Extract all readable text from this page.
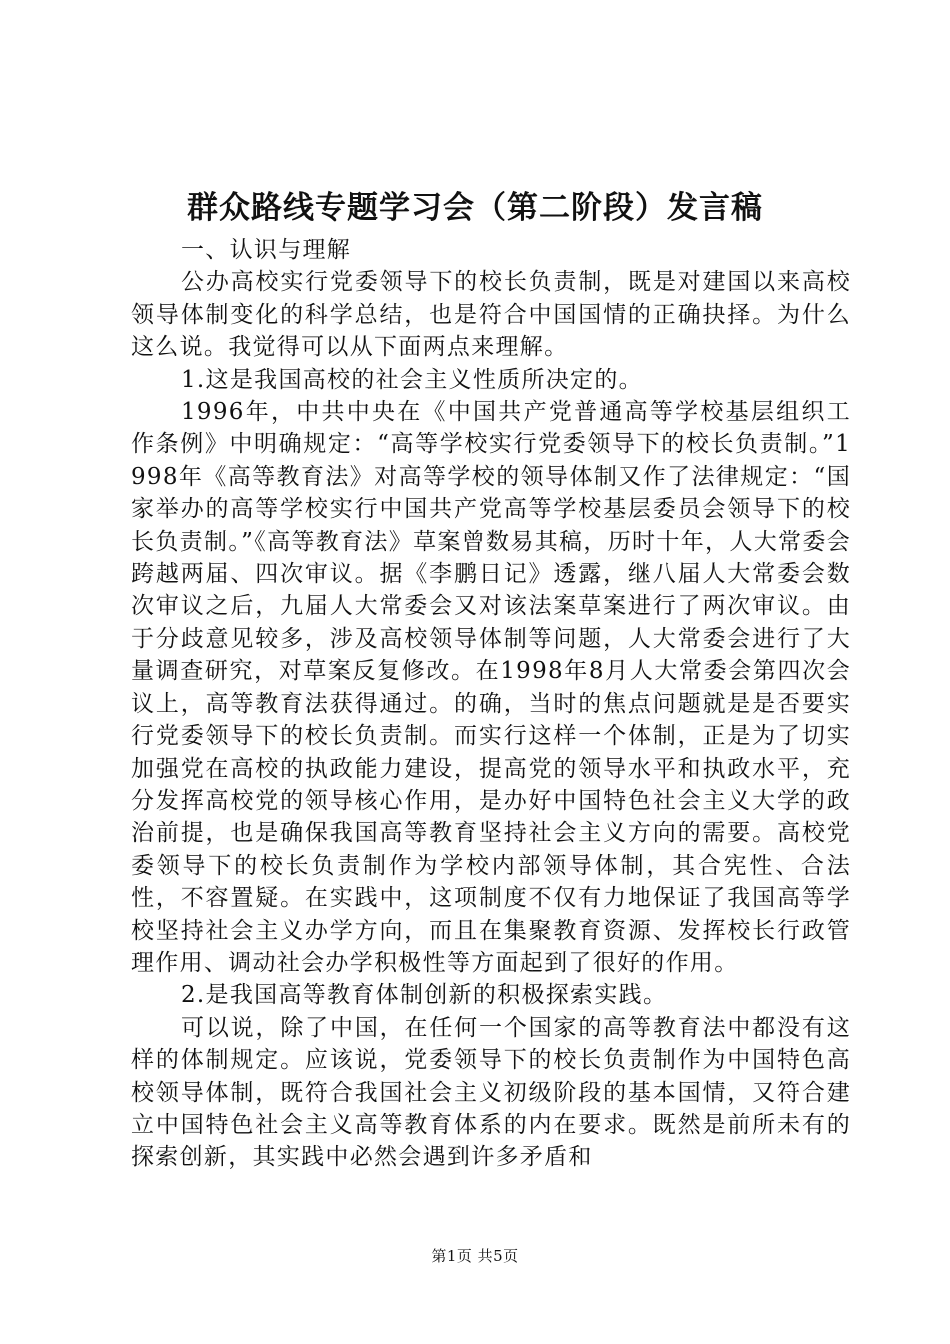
群众路线专题学习会（第二阶段）发言稿

一、认识与理解

公办高校实行党委领导下的校长负责制，既是对建国以来高校领导体制变化的科学总结，也是符合中国国情的正确抉择。为什么这么说。我觉得可以从下面两点来理解。

1.这是我国高校的社会主义性质所决定的。

1996年，中共中央在《中国共产党普通高等学校基层组织工作条例》中明确规定：“高等学校实行党委领导下的校长负责制。”1998年《高等教育法》对高等学校的领导体制又作了法律规定：“国家举办的高等学校实行中国共产党高等学校基层委员会领导下的校长负责制。”《高等教育法》草案曾数易其稿，历时十年，人大常委会跨越两届、四次审议。据《李鹏日记》透露，继八届人大常委会数次审议之后，九届人大常委会又对该法案草案进行了两次审议。由于分歧意见较多，涉及高校领导体制等问题，人大常委会进行了大量调查研究，对草案反复修改。在1998年8月人大常委会第四次会议上，高等教育法获得通过。的确，当时的焦点问题就是是否要实行党委领导下的校长负责制。而实行这样一个体制，正是为了切实加强党在高校的执政能力建设，提高党的领导水平和执政水平，充分发挥高校党的领导核心作用，是办好中国特色社会主义大学的政治前提，也是确保我国高等教育坚持社会主义方向的需要。高校党委领导下的校长负责制作为学校内部领导体制，其合宪性、合法性，不容置疑。在实践中，这项制度不仅有力地保证了我国高等学校坚持社会主义办学方向，而且在集聚教育资源、发挥校长行政管理作用、调动社会办学积极性等方面起到了很好的作用。

2.是我国高等教育体制创新的积极探索实践。

可以说，除了中国，在任何一个国家的高等教育法中都没有这样的体制规定。应该说，党委领导下的校长负责制作为中国特色高校领导体制，既符合我国社会主义初级阶段的基本国情，又符合建立中国特色社会主义高等教育体系的内在要求。既然是前所未有的探索创新，其实践中必然会遇到许多矛盾和

第1页 共5页
